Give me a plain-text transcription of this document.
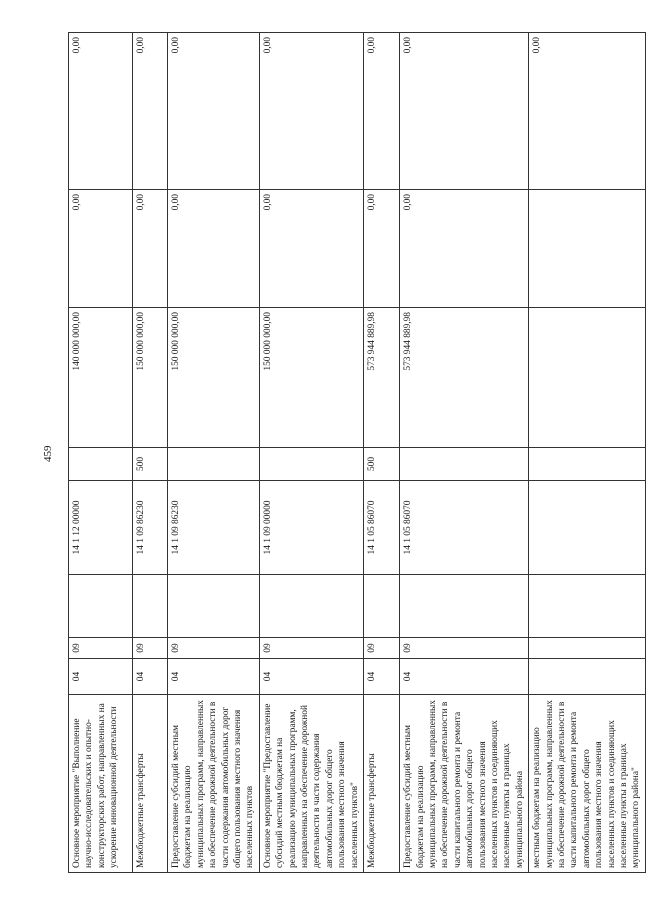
459
Основное мероприятие "Выполнение научно-исследовательских и опытно-конструкторских работ, направленных на ускорение инновационной деятельности	04	09		14 1 12 00000		140 000 000,00	0,00	0,00
Межбюджетные трансферты	04	09		14 1 09 86230	500	150 000 000,00	0,00	0,00
Предоставление субсидий местным бюджетам на реализацию муниципальных программ, направленных на обеспечение дорожной деятельности в части содержания автомобильных дорог общего пользования местного значения населенных пунктов	04	09		14 1 09 86230		150 000 000,00	0,00	0,00
Основное мероприятие "Предоставление субсидий местным бюджетам на реализацию муниципальных программ, направленных на обеспечение дорожной деятельности в части содержания автомобильных дорог общего пользования местного значения населенных пунктов"	04	09		14 1 09 00000		150 000 000,00	0,00	0,00
Межбюджетные трансферты	04	09		14 1 05 86070	500	573 944 889,98	0,00	0,00
Предоставление субсидий местным бюджетам на реализацию муниципальных программ, направленных на обеспечение дорожной деятельности в части капитального ремонта и ремонта автомобильных дорог общего пользования местного значения населенных пунктов и соединяющих населенные пункты в границах муниципального района	04	09		14 1 05 86070		573 944 889,98	0,00	0,00
местным бюджетам на реализацию муниципальных программ, направленных на обеспечение дорожной деятельности в части капитального ремонта и ремонта автомобильных дорог общего пользования местного значения населенных пунктов и соединяющих населенные пункты в границах муниципального района"								0,00
